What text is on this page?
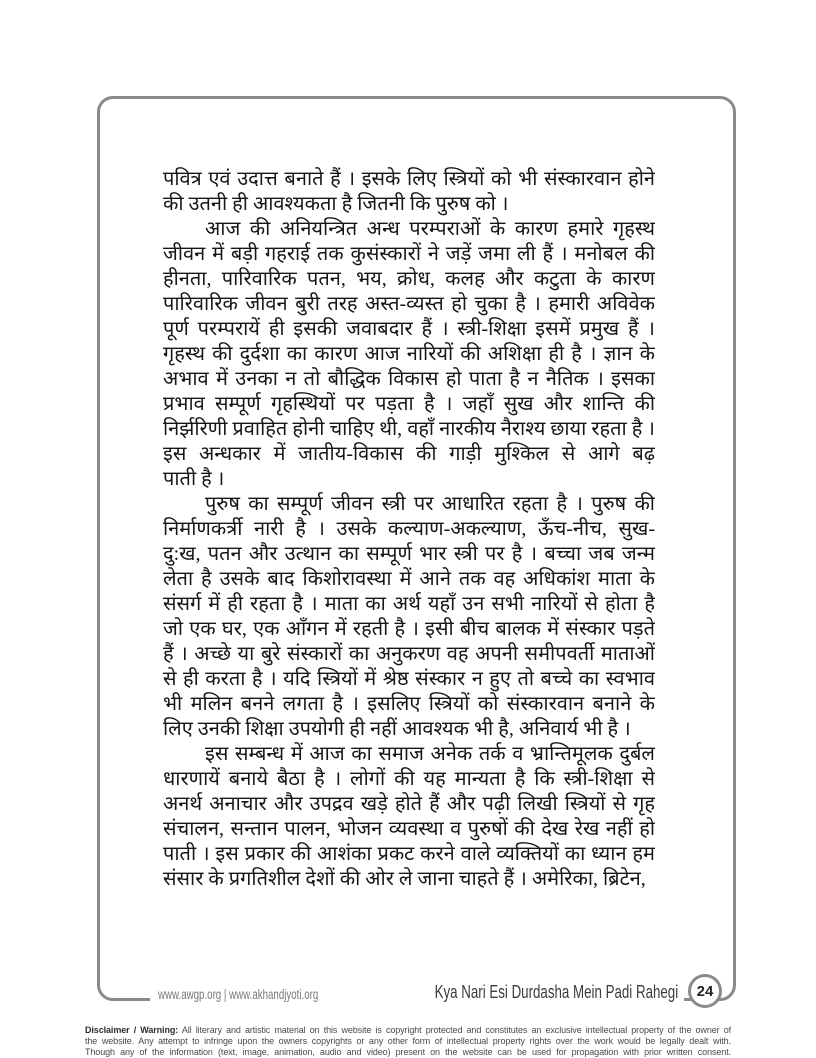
पवित्र एवं उदात्त बनाते हैं । इसके लिए स्त्रियों को भी संस्कारवान होने
की उतनी ही आवश्यकता है जितनी कि पुरुष को ।
आज की अनियन्त्रित अन्ध परम्पराओं के कारण हमारे गृहस्थ
जीवन में बड़ी गहराई तक कुसंस्कारों ने जड़ें जमा ली हैं । मनोबल की
हीनता, पारिवारिक पतन, भय, क्रोध, कलह और कटुता के कारण
पारिवारिक जीवन बुरी तरह अस्त-व्यस्त हो चुका है । हमारी अविवेक
पूर्ण परम्परायें ही इसकी जवाबदार हैं । स्त्री-शिक्षा इसमें प्रमुख हैं ।
गृहस्थ की दुर्दशा का कारण आज नारियों की अशिक्षा ही है । ज्ञान के
अभाव में उनका न तो बौद्धिक विकास हो पाता है न नैतिक । इसका
प्रभाव सम्पूर्ण गृहस्थियों पर पड़ता है । जहाँ सुख और शान्ति की
निर्झरिणी प्रवाहित होनी चाहिए थी, वहाँ नारकीय नैराश्य छाया रहता है ।
इस अन्धकार में जातीय-विकास की गाड़ी मुश्किल से आगे बढ़
पाती है ।
पुरुष का सम्पूर्ण जीवन स्त्री पर आधारित रहता है । पुरुष की
निर्माणकर्त्री नारी है । उसके कल्याण-अकल्याण, ऊँच-नीच, सुख-
दु:ख, पतन और उत्थान का सम्पूर्ण भार स्त्री पर है । बच्चा जब जन्म
लेता है उसके बाद किशोरावस्था में आने तक वह अधिकांश माता के
संसर्ग में ही रहता है । माता का अर्थ यहाँ उन सभी नारियों से होता है
जो एक घर, एक आँगन में रहती है । इसी बीच बालक में संस्कार पड़ते
हैं । अच्छे या बुरे संस्कारों का अनुकरण वह अपनी समीपवर्ती माताओं
से ही करता है । यदि स्त्रियों में श्रेष्ठ संस्कार न हुए तो बच्चे का स्वभाव
भी मलिन बनने लगता है । इसलिए स्त्रियों को संस्कारवान बनाने के
लिए उनकी शिक्षा उपयोगी ही नहीं आवश्यक भी है, अनिवार्य भी है ।
इस सम्बन्ध में आज का समाज अनेक तर्क व भ्रान्तिमूलक दुर्बल
धारणायें बनाये बैठा है । लोगों की यह मान्यता है कि स्त्री-शिक्षा से
अनर्थ अनाचार और उपद्रव खड़े होते हैं और पढ़ी लिखी स्त्रियों से गृह
संचालन, सन्तान पालन, भोजन व्यवस्था व पुरुषों की देख रेख नहीं हो
पाती । इस प्रकार की आशंका प्रकट करने वाले व्यक्तियों का ध्यान हम
संसार के प्रगतिशील देशों की ओर ले जाना चाहते हैं । अमेरिका, ब्रिटेन,
www.awgp.org | www.akhandjyoti.org	Kya Nari Esi Durdasha Mein Padi Rahegi 24
Disclaimer / Warning: All literary and artistic material on this website is copyright protected and constitutes an exclusive intellectual property of the owner of
the website. Any attempt to infringe upon the owners copyrights or any other form of intellectual property rights over the work would be legally dealt with.
Though any of the information (text, image, animation, audio and video) present on the website can be used for propagation with prior written consent.
